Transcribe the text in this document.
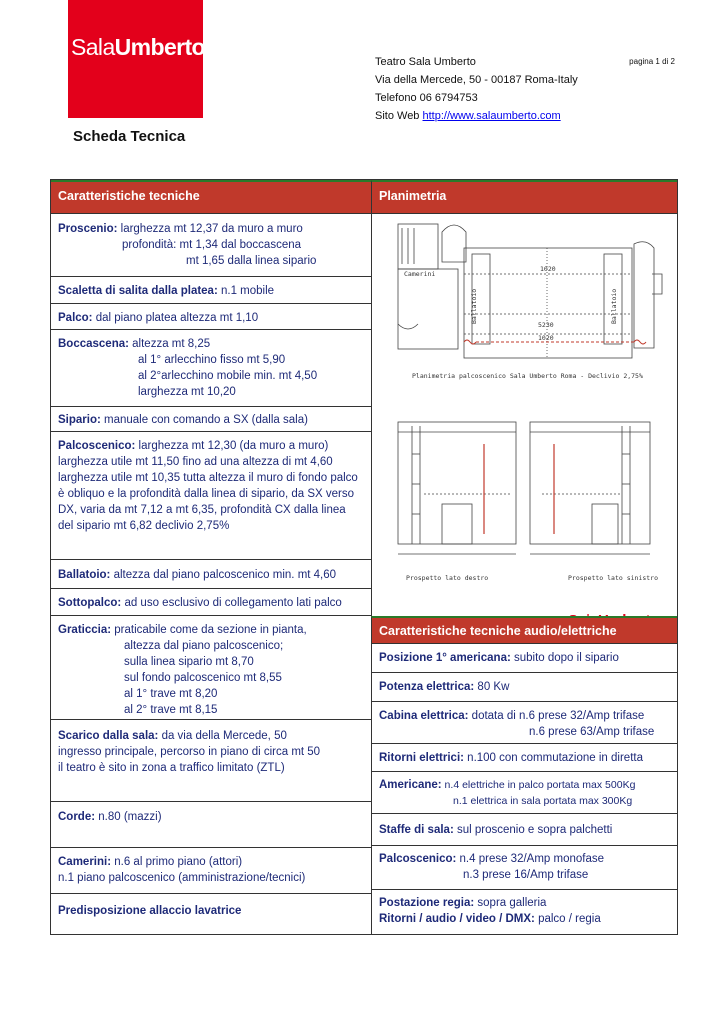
SalaUmberto
Teatro Sala Umberto	pagina 1 di 2
Via della Mercede, 50 - 00187 Roma-Italy
Telefono 06 6794753
Sito Web http://www.salaumberto.com
Scheda Tecnica
Caratteristiche tecniche	Planimetria
Proscenio: larghezza mt 12,37 da muro a muro
profondità: mt 1,34 dal boccascena
mt 1,65 dalla linea sipario
Scaletta di salita dalla platea: n.1 mobile
Palco: dal piano platea altezza mt 1,10
Boccascena: altezza mt 8,25
al 1° arlecchino fisso mt 5,90
al 2°arlecchino mobile min. mt 4,50
larghezza mt 10,20
Sipario: manuale con comando a SX (dalla sala)
Palcoscenico: larghezza mt 12,30 (da muro a muro) larghezza utile mt 11,50 fino ad una altezza di mt 4,60 larghezza utile mt 10,35 tutta altezza il muro di fondo palco è obliquo e la profondità dalla linea di sipario, da SX verso DX, varia da mt 7,12 a mt 6,35, profondità CX dalla linea del sipario mt 6,82 declivio 2,75%
Ballatoio: altezza dal piano palcoscenico min. mt 4,60
Sottopalco: ad uso esclusivo di collegamento lati palco
Graticcia: praticabile come da sezione in pianta,
altezza dal piano palcoscenico;
sulla linea sipario mt 8,70
sul fondo palcoscenico mt 8,55
al 1° trave mt 8,20
al 2° trave mt 8,15
Scarico dalla sala: da via della Mercede, 50
ingresso principale, percorso in piano di circa mt 50
il teatro è sito in zona a traffico limitato (ZTL)
Corde: n.80 (mazzi)
Camerini: n.6 al primo piano (attori)
n.1 piano palcoscenico (amministrazione/tecnici)
Predisposizione allaccio lavatrice
Camerini
Ballatoio	Ballatoio
1020
5230
1020
Planimetria palcoscenico Sala Umberto Roma - Declivio 2,75%
Prospetto lato destro	Prospetto lato sinistro
Caratteristiche tecniche audio/elettriche
Posizione 1° americana: subito dopo il sipario
Potenza elettrica: 80 Kw
Cabina elettrica: dotata di n.6 prese 32/Amp trifase
n.6 prese 63/Amp trifase
Ritorni elettrici: n.100 con commutazione in diretta
Americane: n.4 elettriche in palco portata max 500Kg
n.1 elettrica in sala portata max 300Kg
Staffe di sala: sul proscenio e sopra palchetti
Palcoscenico: n.4 prese 32/Amp monofase
n.3 prese 16/Amp trifase
Postazione regia: sopra galleria
Ritorni / audio / video / DMX: palco / regia
